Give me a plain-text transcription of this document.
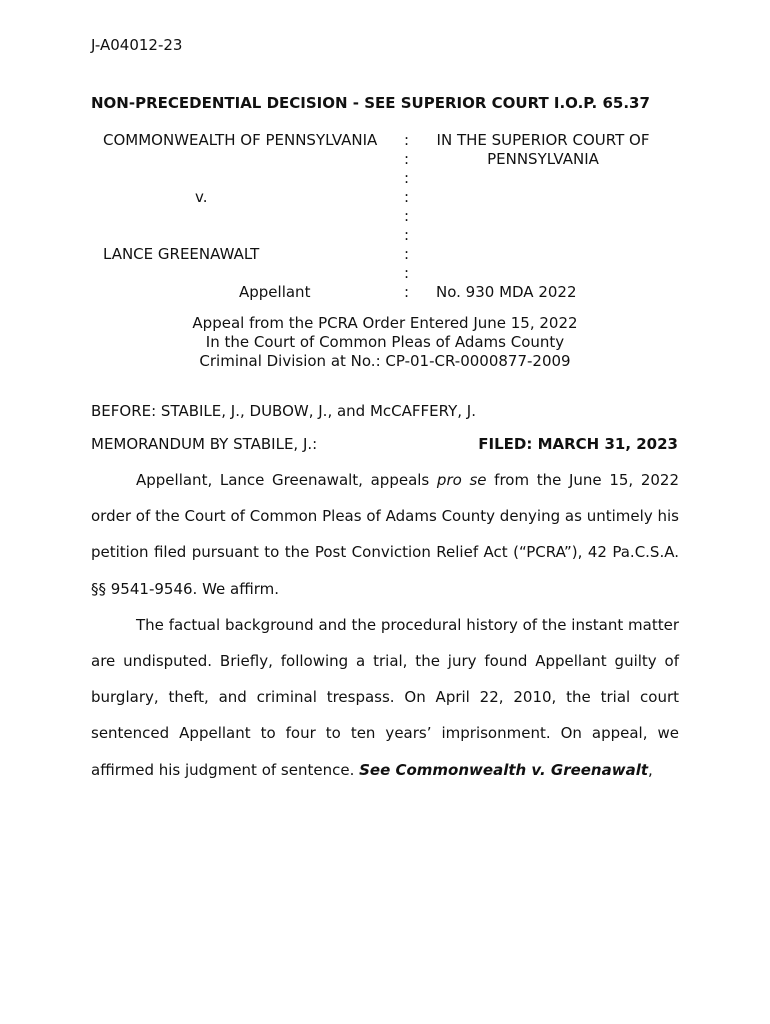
J-A04012-23
NON-PRECEDENTIAL DECISION - SEE SUPERIOR COURT I.O.P. 65.37
COMMONWEALTH OF PENNSYLVANIA
v.
LANCE GREENAWALT
Appellant
:
:
:
:
:
:
:
:
:
IN THE SUPERIOR COURT OF
PENNSYLVANIA
No. 930 MDA 2022
Appeal from the PCRA Order Entered June 15, 2022
In the Court of Common Pleas of Adams County
Criminal Division at No.: CP-01-CR-0000877-2009
BEFORE: STABILE, J., DUBOW, J., and McCAFFERY, J.
MEMORANDUM BY STABILE, J.:	FILED: MARCH 31, 2023

Appellant, Lance Greenawalt, appeals pro se from the June 15, 2022 order of the Court of Common Pleas of Adams County denying as untimely his petition filed pursuant to the Post Conviction Relief Act (“PCRA”), 42 Pa.C.S.A. §§ 9541-9546. We affirm.

The factual background and the procedural history of the instant matter are undisputed. Briefly, following a trial, the jury found Appellant guilty of burglary, theft, and criminal trespass. On April 22, 2010, the trial court sentenced Appellant to four to ten years’ imprisonment. On appeal, we affirmed his judgment of sentence. See Commonwealth v. Greenawalt,
